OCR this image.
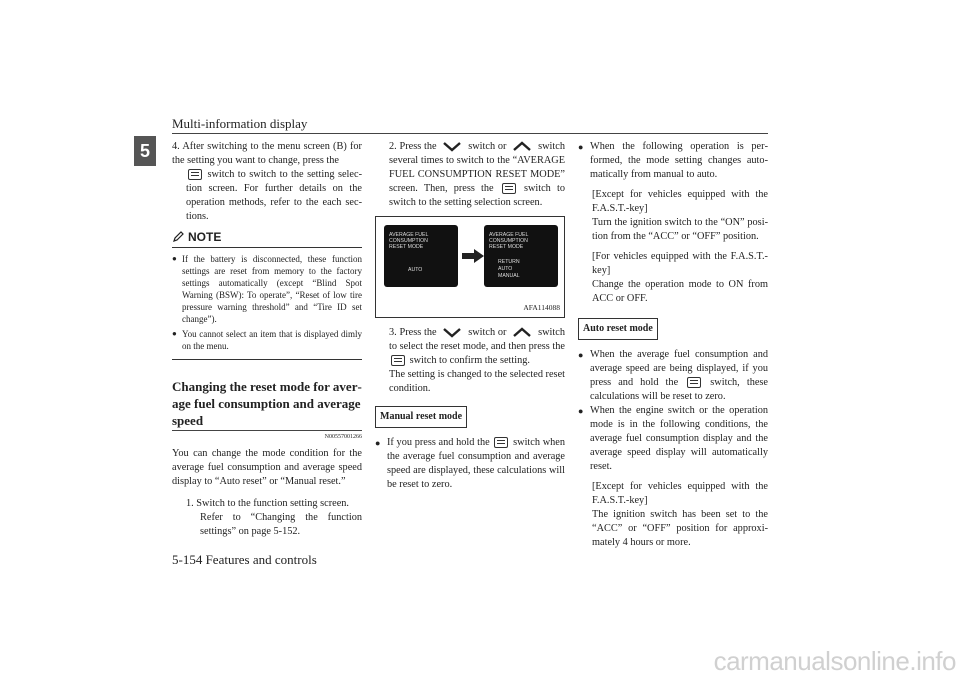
Multi-information display
5	4. After switching to the menu screen (B) for the setting you want to change, press the

switch to switch to the setting selection screen. For further details on the operation methods, refer to the each sections.

NOTE
● If the battery is disconnected, these function settings are reset from memory to the factory settings automatically (except “Blind Spot Warning (BSW): To operate”, “Reset of low tire pressure warning threshold” and “Tire ID set change”).
● You cannot select an item that is displayed dimly on the menu.
Changing the reset mode for average fuel consumption and average speed
N00557001266

You can change the mode condition for the average fuel consumption and average speed display to “Auto reset” or “Manual reset.”

1. Switch to the function setting screen.

Refer to “Changing the function settings” on page 5-152.

2. Press the	switch or	switch several times to switch to the “AVERAGE FUEL CONSUMPTION RESET MODE” screen. Then, press the	switch to switch to the setting selection screen.

AVERAGE FUEL
CONSUMPTION
RESET MODE
AUTO
AVERAGE FUEL
CONSUMPTION
RESET MODE
RETURN
AUTO
MANUAL
AFA114088

3. Press the	switch or	switch to select the reset mode, and then press the  switch to confirm the setting.

The setting is changed to the selected reset condition.

Manual reset mode

● If you press and hold the switch when the average fuel consumption and average speed are displayed, these calculations will be reset to zero.

● When the following operation is performed, the mode setting changes automatically from manual to auto.

[Except for vehicles equipped with the F.A.S.T.-key]

Turn the ignition switch to the “ON” position from the “ACC” or “OFF” position.

[For vehicles equipped with the F.A.S.T.-key]

Change the operation mode to ON from ACC or OFF.

Auto reset mode

● When the average fuel consumption and average speed are being displayed, if you press and hold the	switch, these calculations will be reset to zero.

● When the engine switch or the operation mode is in the following conditions, the average fuel consumption display and the average speed display will automatically reset.

[Except for vehicles equipped with the F.A.S.T.-key]

The ignition switch has been set to the “ACC” or “OFF” position for approximately 4 hours or more.

5-154 Features and controls
carmanualsonline.info
